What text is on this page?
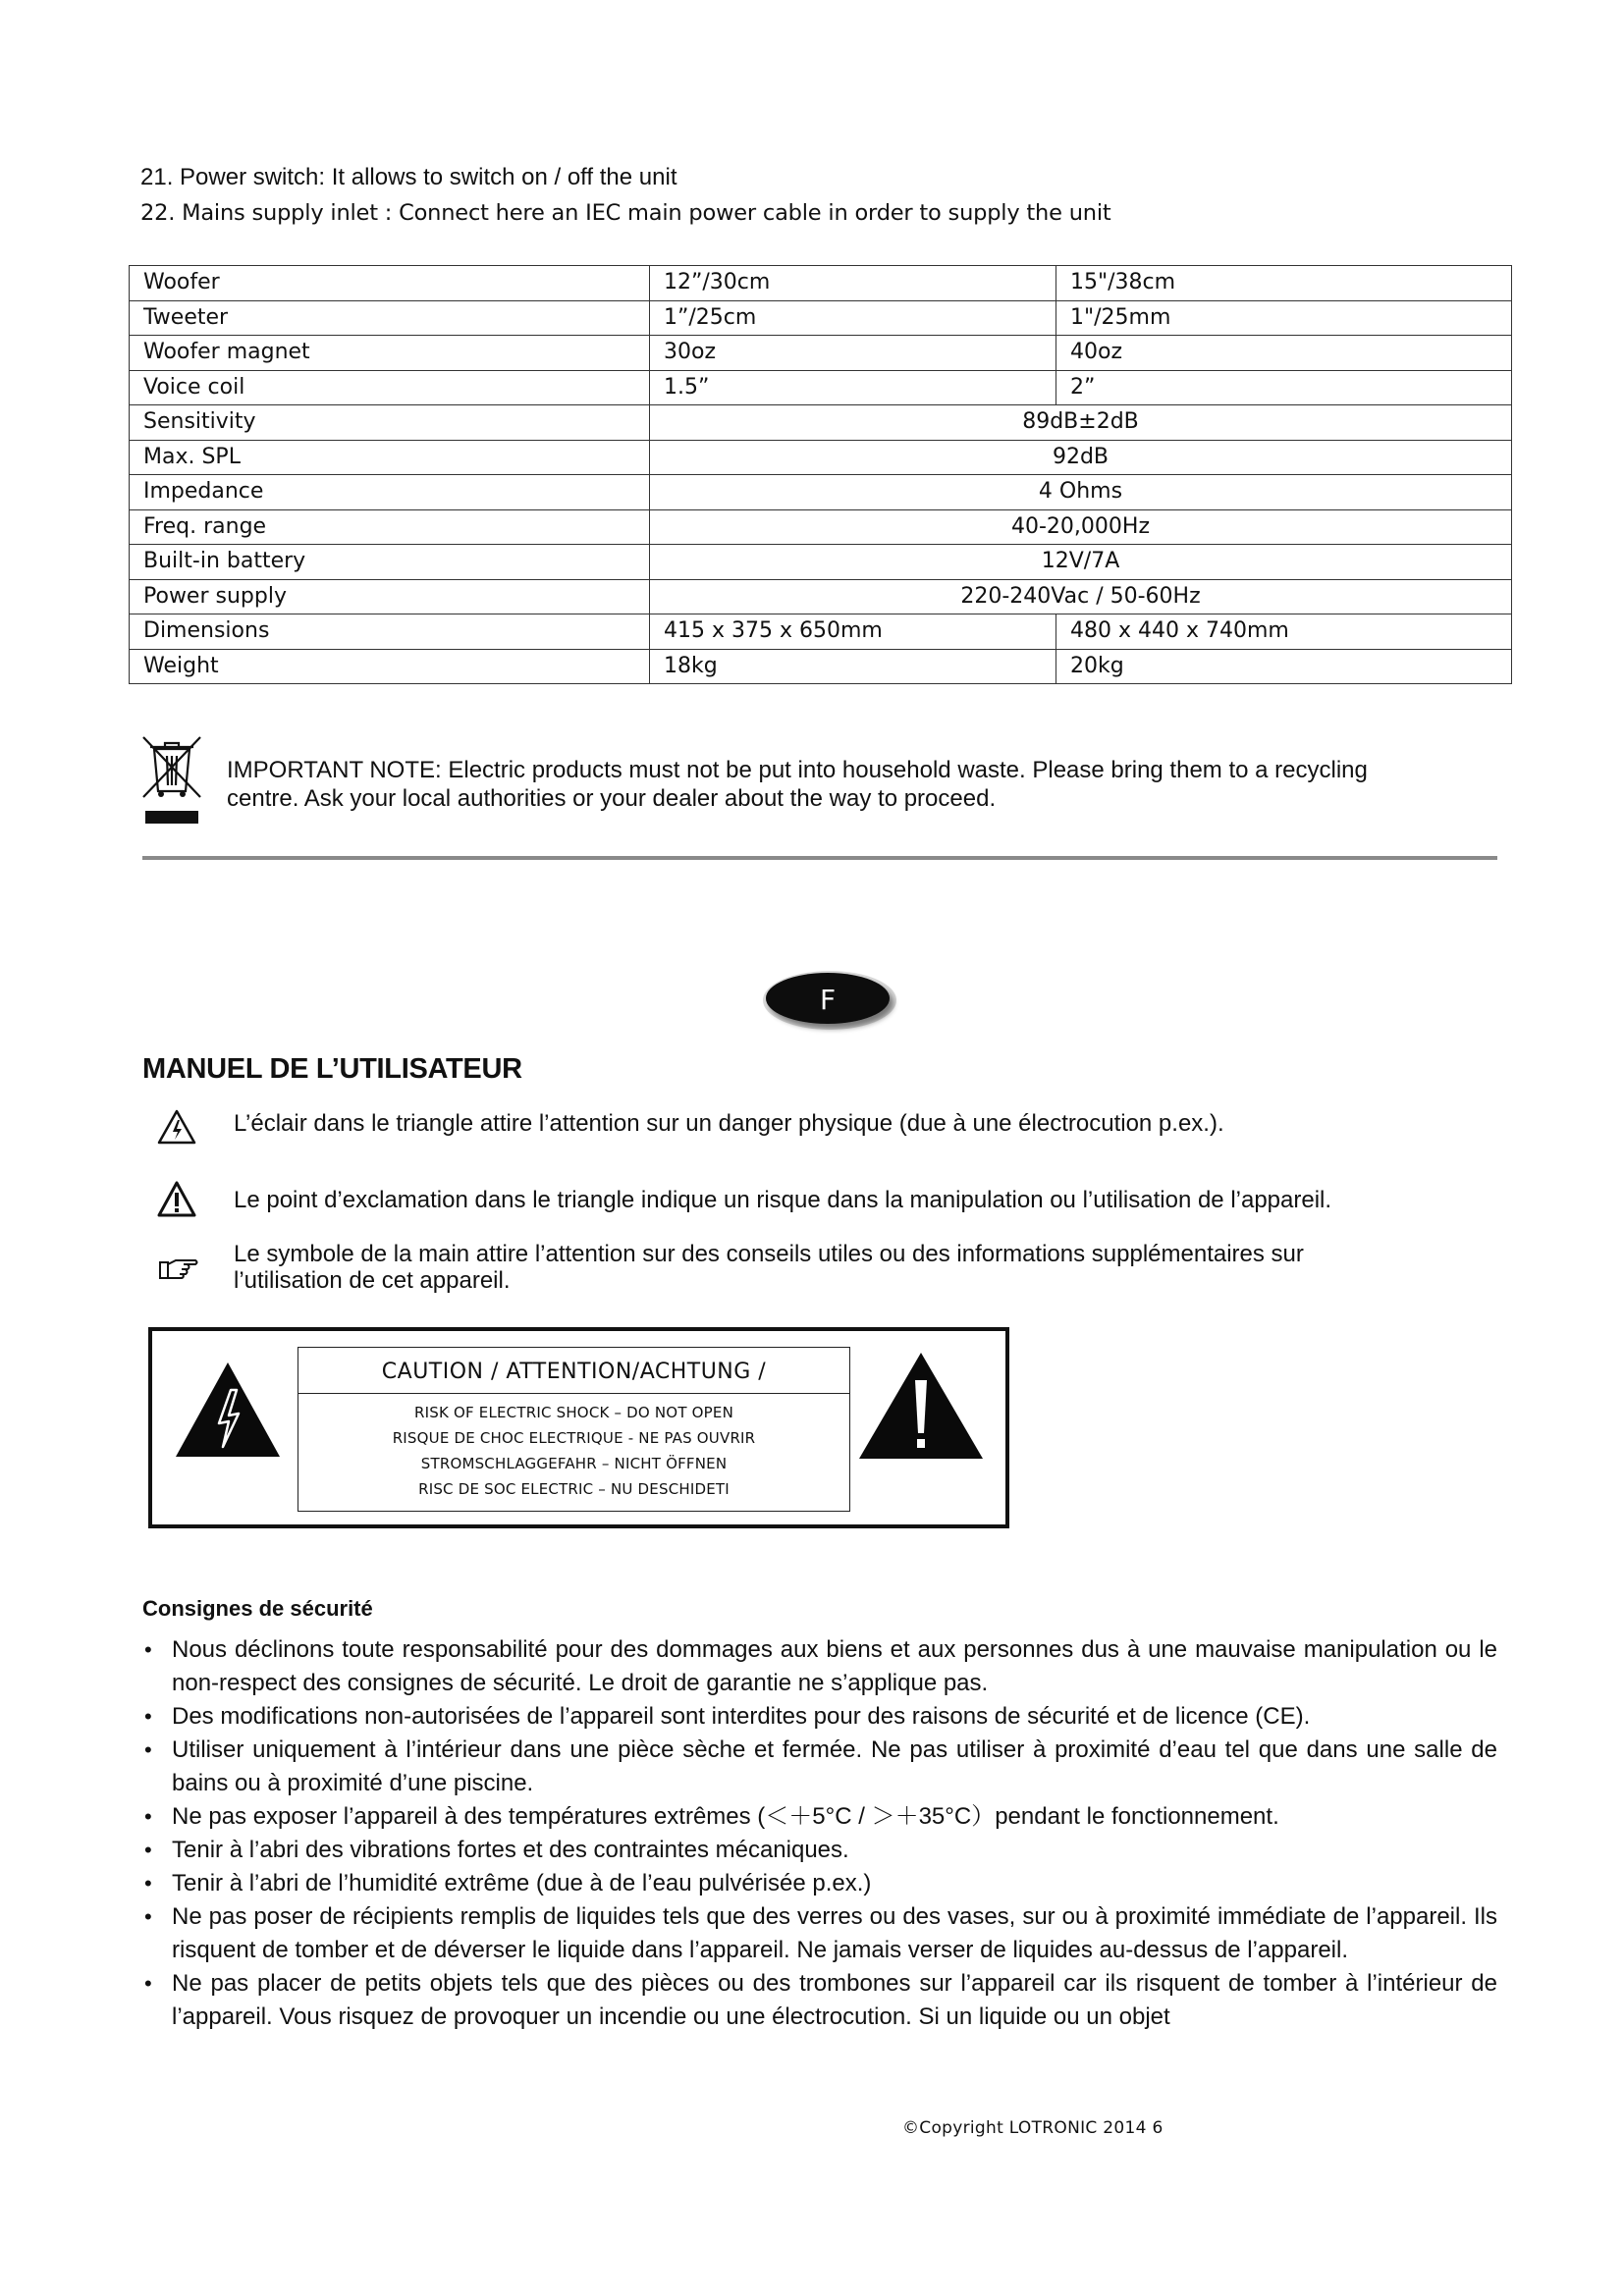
21. Power switch: It allows to switch on / off the unit
22. Mains supply inlet : Connect here an IEC main power cable in order to supply the unit
Woofer	12”/30cm	15"/38cm
Tweeter	1”/25cm	1"/25mm
Woofer magnet	30oz	40oz
Voice coil	1.5”	2”
Sensitivity	89dB±2dB	
Max. SPL	92dB	
Impedance	4 Ohms	
Freq. range	40-20,000Hz	
Built-in battery	12V/7A	
Power supply	220-240Vac / 50-60Hz	
Dimensions	415 x 375 x 650mm	480 x 440 x 740mm
Weight	18kg	20kg
IMPORTANT NOTE: Electric products must not be put into household waste. Please bring them to a recycling
centre. Ask your local authorities or your dealer about the way to proceed.
F
MANUEL DE L’UTILISATEUR
L’éclair dans le triangle attire l’attention sur un danger physique (due à une électrocution p.ex.).
Le point d’exclamation dans le triangle indique un risque dans la manipulation ou l’utilisation de l’appareil.
Le symbole de la main attire l’attention sur des conseils utiles ou des informations supplémentaires sur
l’utilisation de cet appareil.
CAUTION / ATTENTION/ACHTUNG /
RISK OF ELECTRIC SHOCK – DO NOT OPEN
RISQUE DE CHOC ELECTRIQUE - NE PAS OUVRIR
STROMSCHLAGGEFAHR – NICHT ÖFFNEN
RISC DE SOC ELECTRIC – NU DESCHIDETI
Consignes de sécurité
• Nous déclinons toute responsabilité pour des dommages aux biens et aux personnes dus à une mauvaise manipulation ou le non-respect des consignes de sécurité. Le droit de garantie ne s’applique pas.
• Des modifications non-autorisées de l’appareil sont interdites pour des raisons de sécurité et de licence (CE).
• Utiliser uniquement à l’intérieur dans une pièce sèche et fermée. Ne pas utiliser à proximité d’eau tel que dans une salle de bains ou à proximité d’une piscine.
• Ne pas exposer l’appareil à des températures extrêmes (＜＋5°C / ＞＋35°C）pendant le fonctionnement.
• Tenir à l’abri des vibrations fortes et des contraintes mécaniques.
• Tenir à l’abri de l’humidité extrême (due à de l’eau pulvérisée p.ex.)
• Ne pas poser de récipients remplis de liquides tels que des verres ou des vases, sur ou à proximité immédiate de l’appareil. Ils risquent de tomber et de déverser le liquide dans l’appareil. Ne jamais verser de liquides au-dessus de l’appareil.
• Ne pas placer de petits objets tels que des pièces ou des trombones sur l’appareil car ils risquent de tomber à l’intérieur de l’appareil. Vous risquez de provoquer un incendie ou une électrocution. Si un liquide ou un objet
©Copyright LOTRONIC 2014 6
